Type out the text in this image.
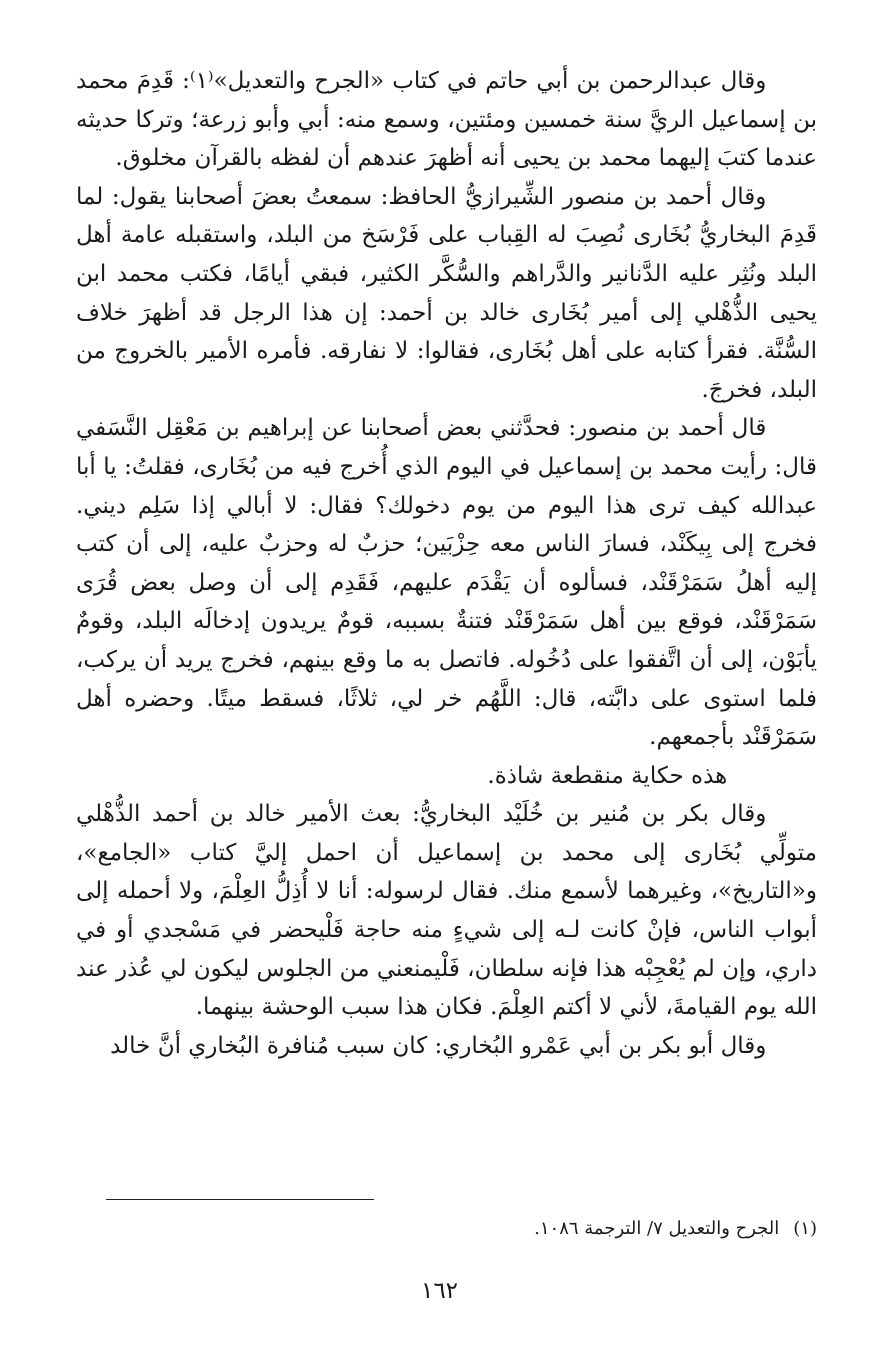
وقال عبدالرحمن بن أبي حاتم في كتاب «الجرح والتعديل»⁽١⁾: قَدِمَ محمد بن إسماعيل الريَّ سنة خمسين ومئتين، وسمع منه: أبي وأبو زرعة؛ وتركا حديثه عندما كتبَ إليهما محمد بن يحيى أنه أظهرَ عندهم أن لفظه بالقرآن مخلوق.

وقال أحمد بن منصور الشِّيرازيُّ الحافظ: سمعتُ بعضَ أصحابنا يقول: لما قَدِمَ البخاريُّ بُخَارى نُصِبَ له القِباب على فَرْسَخ من البلد، واستقبله عامة أهل البلد ونُثِر عليه الدَّنانير والدَّراهم والسُّكَّر الكثير، فبقي أيامًا، فكتب محمد ابن يحيى الذُّهْلي إلى أمير بُخَارى خالد بن أحمد: إن هذا الرجل قد أظهرَ خلاف السُّنَّة. فقرأ كتابه على أهل بُخَارى، فقالوا: لا نفارقه. فأمره الأمير بالخروج من البلد، فخرجَ.

قال أحمد بن منصور: فحدَّثني بعض أصحابنا عن إبراهيم بن مَعْقِل النَّسَفي قال: رأيت محمد بن إسماعيل في اليوم الذي أُخرج فيه من بُخَارى، فقلتُ: يا أبا عبدالله كيف ترى هذا اليوم من يوم دخولك؟ فقال: لا أبالي إذا سَلِم ديني. فخرج إلى بِيكَنْد، فسارَ الناس معه حِزْبَين؛ حزبٌ له وحزبٌ عليه، إلى أن كتب إليه أهلُ سَمَرْقَنْد، فسألوه أن يَقْدَم عليهم، فَقَدِم إلى أن وصل بعض قُرَى سَمَرْقَنْد، فوقع بين أهل سَمَرْقَنْد فتنةٌ بسببه، قومٌ يريدون إدخالَه البلد، وقومٌ يأبَوْن، إلى أن اتَّفقوا على دُخُوله. فاتصل به ما وقع بينهم، فخرج يريد أن يركب، فلما استوى على دابَّته، قال: اللَّهُم خر لي، ثلاثًا، فسقط ميتًا. وحضره أهل سَمَرْقَنْد بأجمعهم.

هذه حكاية منقطعة شاذة.

وقال بكر بن مُنير بن خُلَيْد البخاريُّ: بعث الأمير خالد بن أحمد الذُّهْلي متولِّي بُخَارى إلى محمد بن إسماعيل أن احمل إليَّ كتاب «الجامع»، و«التاريخ»، وغيرهما لأسمع منك. فقال لرسوله: أنا لا أُذِلُّ العِلْمَ، ولا أحمله إلى أبواب الناس، فإنْ كانت لـه إلى شيءٍ منه حاجة فَلْيحضر في مَسْجدي أو في داري، وإن لم يُعْجِبْه هذا فإنه سلطان، فَلْيمنعني من الجلوس ليكون لي عُذر عند الله يوم القيامةَ، لأني لا أكتم العِلْمَ. فكان هذا سبب الوحشة بينهما.

وقال أبو بكر بن أبي عَمْرو البُخاري: كان سبب مُنافرة البُخاري أنَّ خالد

(١)الجرح والتعديل ٧/ الترجمة ١٠٨٦.
١٦٢
